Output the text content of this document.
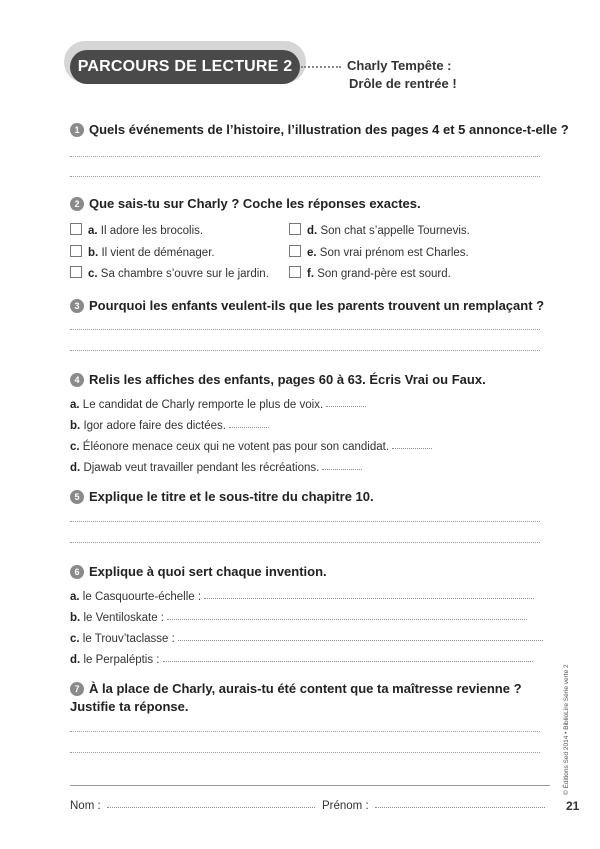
PARCOURS DE LECTURE 2	Charly Tempête :
Drôle de rentrée !
1 Quels événements de l’histoire, l’illustration des pages 4 et 5 annonce-t-elle ?
2 Que sais-tu sur Charly ? Coche les réponses exactes.
a. Il adore les brocolis.
b. Il vient de déménager.
c. Sa chambre s’ouvre sur le jardin.
d. Son chat s’appelle Tournevis.
e. Son vrai prénom est Charles.
f. Son grand-père est sourd.
3 Pourquoi les enfants veulent-ils que les parents trouvent un remplaçant ?
4 Relis les affiches des enfants, pages 60 à 63. Écris Vrai ou Faux.
a. Le candidat de Charly remporte le plus de voix.
b. Igor adore faire des dictées.
c. Éléonore menace ceux qui ne votent pas pour son candidat.
d. Djawab veut travailler pendant les récréations.
5 Explique le titre et le sous-titre du chapitre 10.
6 Explique à quoi sert chaque invention.
a. le Casquourte-échelle :
b. le Ventiloskate :
c. le Trouv’taclasse :
d. le Perpaléptis :
7 À la place de Charly, aurais-tu été content que ta maîtresse revienne ?
Justifie ta réponse.
Nom :	Prénom :	21
© Éditions Sed 2014 • BiblioLire Série verte 2
